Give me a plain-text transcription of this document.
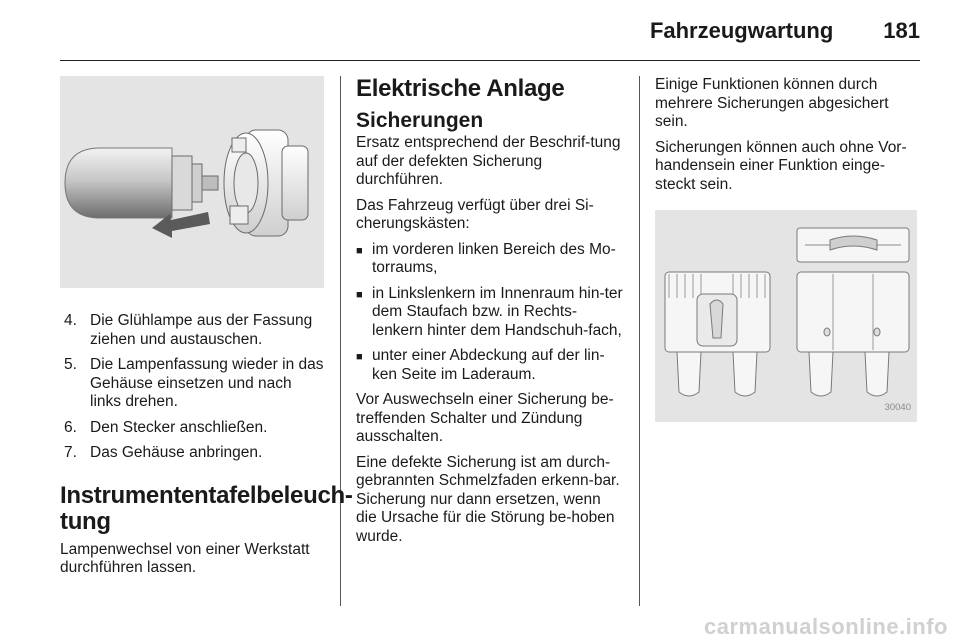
Fahrzeugwartung 181
4. Die Glühlampe aus der Fassung ziehen und austauschen.
5. Die Lampenfassung wieder in das Gehäuse einsetzen und nach links drehen.
6. Den Stecker anschließen.
7. Das Gehäuse anbringen.
Instrumententafelbeleuch-tung

Lampenwechsel von einer Werkstatt durchführen lassen.

Elektrische Anlage
Sicherungen

Ersatz entsprechend der Beschrif-tung auf der defekten Sicherung durchführen.

Das Fahrzeug verfügt über drei Si-cherungskästen:

■ im vorderen linken Bereich des Mo-torraums,
■ in Linkslenkern im Innenraum hin-ter dem Staufach bzw. in Rechts-lenkern hinter dem Handschuh-fach,
■ unter einer Abdeckung auf der lin-ken Seite im Laderaum.

Vor Auswechseln einer Sicherung be-treffenden Schalter und Zündung ausschalten.

Eine defekte Sicherung ist am durch-gebrannten Schmelzfaden erkenn-bar. Sicherung nur dann ersetzen, wenn die Ursache für die Störung be-hoben wurde.

Einige Funktionen können durch mehrere Sicherungen abgesichert sein.

Sicherungen können auch ohne Vor-handensein einer Funktion einge-steckt sein.

30040
carmanualsonline.info
